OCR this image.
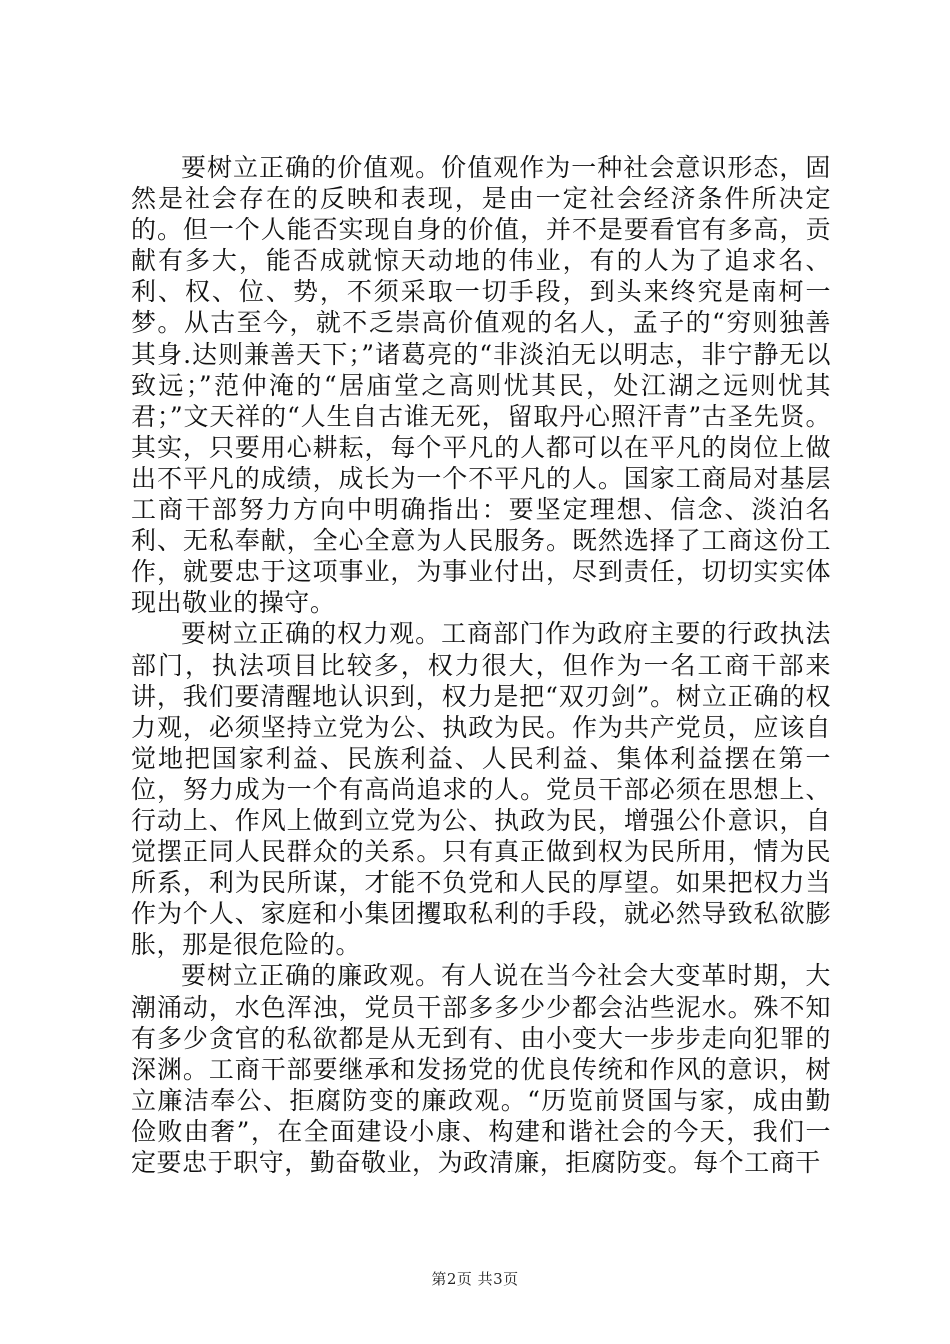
要树立正确的价值观。价值观作为一种社会意识形态，固然是社会存在的反映和表现，是由一定社会经济条件所决定的。但一个人能否实现自身的价值，并不是要看官有多高，贡献有多大，能否成就惊天动地的伟业，有的人为了追求名、利、权、位、势，不须采取一切手段，到头来终究是南柯一梦。从古至今，就不乏崇高价值观的名人，孟子的“穷则独善其身.达则兼善天下；”诸葛亮的“非淡泊无以明志，非宁静无以致远；”范仲淹的“居庙堂之高则忧其民，处江湖之远则忧其君；”文天祥的“人生自古谁无死，留取丹心照汗青”古圣先贤。其实，只要用心耕耘，每个平凡的人都可以在平凡的岗位上做出不平凡的成绩，成长为一个不平凡的人。国家工商局对基层工商干部努力方向中明确指出：要坚定理想、信念、淡泊名利、无私奉献，全心全意为人民服务。既然选择了工商这份工作，就要忠于这项事业，为事业付出，尽到责任，切切实实体现出敬业的操守。

要树立正确的权力观。工商部门作为政府主要的行政执法部门，执法项目比较多，权力很大，但作为一名工商干部来讲，我们要清醒地认识到，权力是把“双刃剑”。树立正确的权力观，必须坚持立党为公、执政为民。作为共产党员，应该自觉地把国家利益、民族利益、人民利益、集体利益摆在第一位，努力成为一个有高尚追求的人。党员干部必须在思想上、行动上、作风上做到立党为公、执政为民，增强公仆意识，自觉摆正同人民群众的关系。只有真正做到权为民所用，情为民所系，利为民所谋，才能不负党和人民的厚望。如果把权力当作为个人、家庭和小集团攫取私利的手段，就必然导致私欲膨胀，那是很危险的。

要树立正确的廉政观。有人说在当今社会大变革时期，大潮涌动，水色浑浊，党员干部多多少少都会沾些泥水。殊不知有多少贪官的私欲都是从无到有、由小变大一步步走向犯罪的深渊。工商干部要继承和发扬党的优良传统和作风的意识，树立廉洁奉公、拒腐防变的廉政观。“历览前贤国与家，成由勤俭败由奢”，在全面建设小康、构建和谐社会的今天，我们一定要忠于职守，勤奋敬业，为政清廉，拒腐防变。每个工商干

第2页 共3页
